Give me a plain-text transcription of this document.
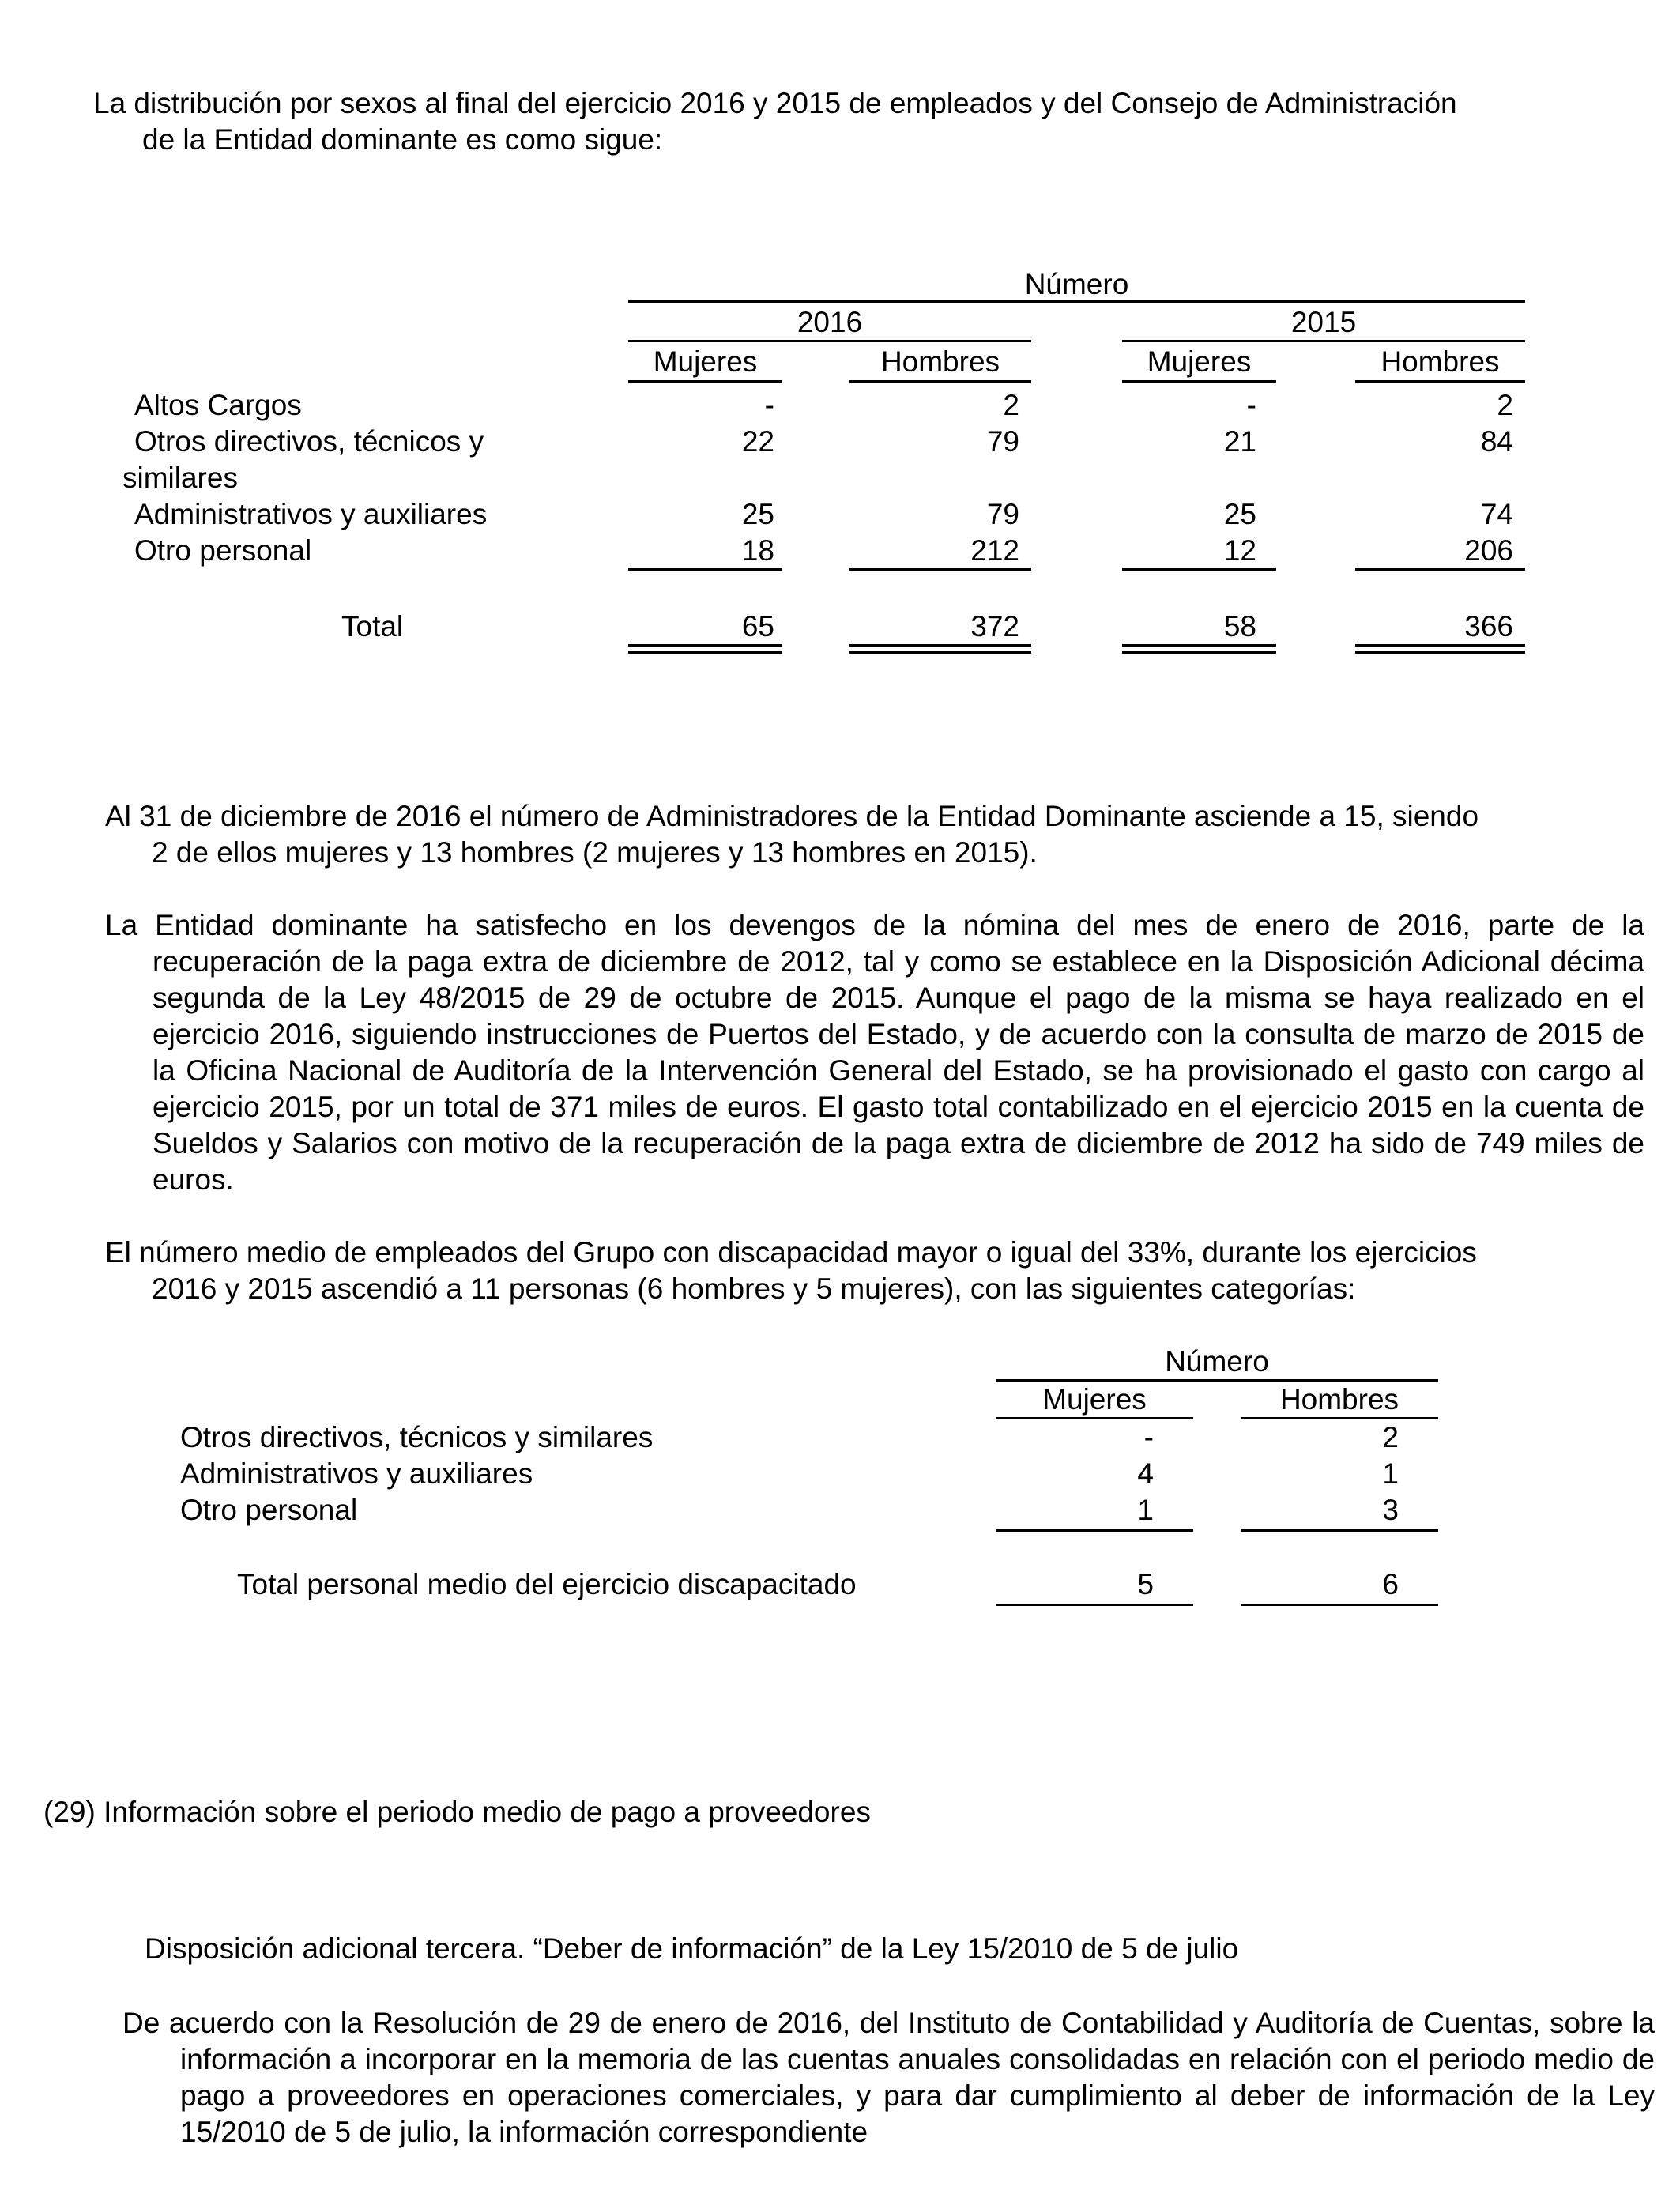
La distribución por sexos al final del ejercicio 2016 y 2015 de empleados y del Consejo de Administración
de la Entidad dominante es como sigue:
Número
2016	2015
Mujeres	Hombres	Mujeres	Hombres
Altos Cargos	-	2	-	2
Otros directivos, técnicos y	22	79	21	84
similares
Administrativos y auxiliares	25	79	25	74
Otro personal	18	212	12	206
Total	65	372	58	366
Al 31 de diciembre de 2016 el número de Administradores de la Entidad Dominante asciende a 15, siendo
2 de ellos mujeres y 13 hombres (2 mujeres y 13 hombres en 2015).
La Entidad dominante ha satisfecho en los devengos de la nómina del mes de enero de 2016, parte de la recuperación de la paga extra de diciembre de 2012, tal y como se establece en la Disposición Adicional décima segunda de la Ley 48/2015 de 29 de octubre de 2015. Aunque el pago de la misma se haya realizado en el ejercicio 2016, siguiendo instrucciones de Puertos del Estado, y de acuerdo con la consulta de marzo de 2015 de la Oficina Nacional de Auditoría de la Intervención General del Estado, se ha provisionado el gasto con cargo al ejercicio 2015, por un total de 371 miles de euros. El gasto total contabilizado en el ejercicio 2015 en la cuenta de Sueldos y Salarios con motivo de la recuperación de la paga extra de diciembre de 2012 ha sido de 749 miles de euros.
El número medio de empleados del Grupo con discapacidad mayor o igual del 33%, durante los ejercicios
2016 y 2015 ascendió a 11 personas (6 hombres y 5 mujeres), con las siguientes categorías:
Número
Mujeres	Hombres
Otros directivos, técnicos y similares	-	2
Administrativos y auxiliares	4	1
Otro personal	1	3
Total personal medio del ejercicio discapacitado	5	6
(29) Información sobre el periodo medio de pago a proveedores
Disposición adicional tercera. “Deber de información” de la Ley 15/2010 de 5 de julio
De acuerdo con la Resolución de 29 de enero de 2016, del Instituto de Contabilidad y Auditoría de Cuentas, sobre la información a incorporar en la memoria de las cuentas anuales consolidadas en relación con el periodo medio de pago a proveedores en operaciones comerciales, y para dar cumplimiento al deber de información de la Ley 15/2010 de 5 de julio, la información correspondiente
